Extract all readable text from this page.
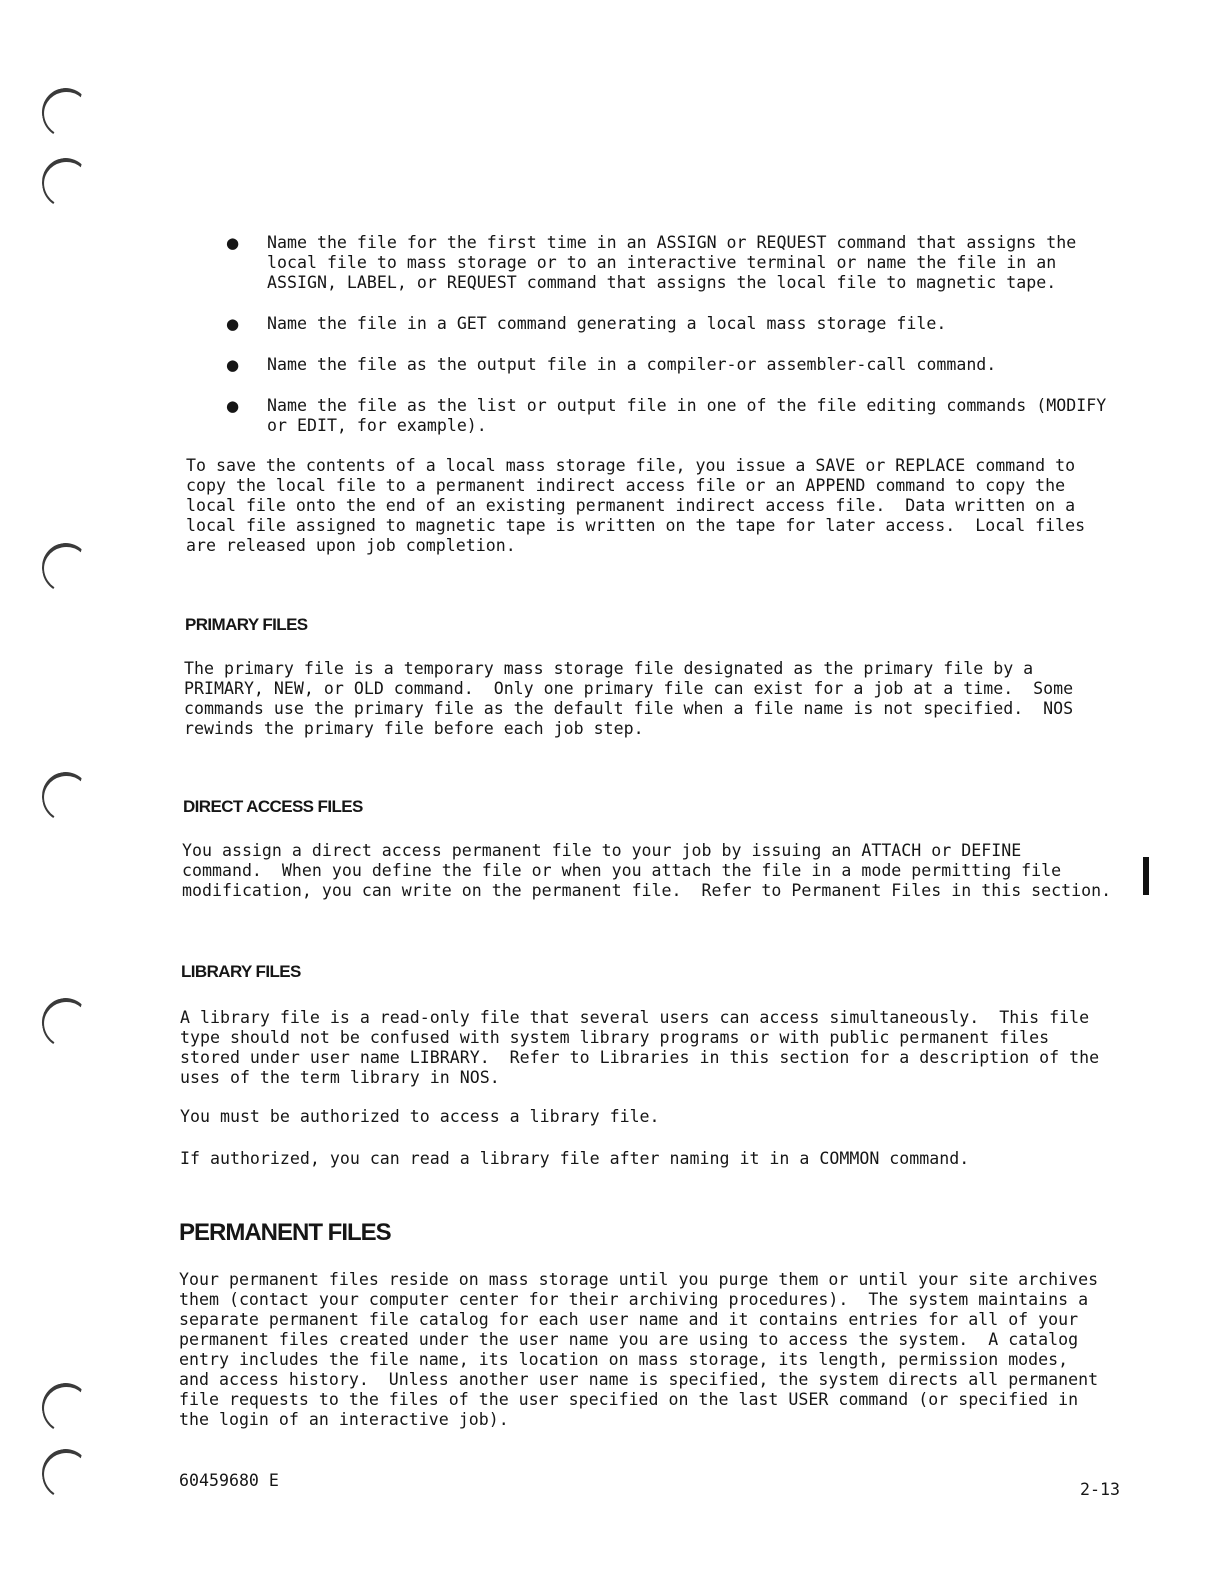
● Name the file for the first time in an ASSIGN or REQUEST command that assigns the
local file to mass storage or to an interactive terminal or name the file in an
ASSIGN, LABEL, or REQUEST command that assigns the local file to magnetic tape.

● Name the file in a GET command generating a local mass storage file.

● Name the file as the output file in a compiler-or assembler-call command.

● Name the file as the list or output file in one of the file editing commands (MODIFY
or EDIT, for example).

To save the contents of a local mass storage file, you issue a SAVE or REPLACE command to
copy the local file to a permanent indirect access file or an APPEND command to copy the
local file onto the end of an existing permanent indirect access file.  Data written on a
local file assigned to magnetic tape is written on the tape for later access.  Local files
are released upon job completion.

PRIMARY FILES

The primary file is a temporary mass storage file designated as the primary file by a
PRIMARY, NEW, or OLD command.  Only one primary file can exist for a job at a time.  Some
commands use the primary file as the default file when a file name is not specified.  NOS
rewinds the primary file before each job step.

DIRECT ACCESS FILES

You assign a direct access permanent file to your job by issuing an ATTACH or DEFINE
command.  When you define the file or when you attach the file in a mode permitting file
modification, you can write on the permanent file.  Refer to Permanent Files in this section.

LIBRARY FILES

A library file is a read-only file that several users can access simultaneously.  This file
type should not be confused with system library programs or with public permanent files
stored under user name LIBRARY.  Refer to Libraries in this section for a description of the
uses of the term library in NOS.

You must be authorized to access a library file.

If authorized, you can read a library file after naming it in a COMMON command.

PERMANENT FILES

Your permanent files reside on mass storage until you purge them or until your site archives
them (contact your computer center for their archiving procedures).  The system maintains a
separate permanent file catalog for each user name and it contains entries for all of your
permanent files created under the user name you are using to access the system.  A catalog
entry includes the file name, its location on mass storage, its length, permission modes,
and access history.  Unless another user name is specified, the system directs all permanent
file requests to the files of the user specified on the last USER command (or specified in
the login of an interactive job).

60459680 E	2-13
